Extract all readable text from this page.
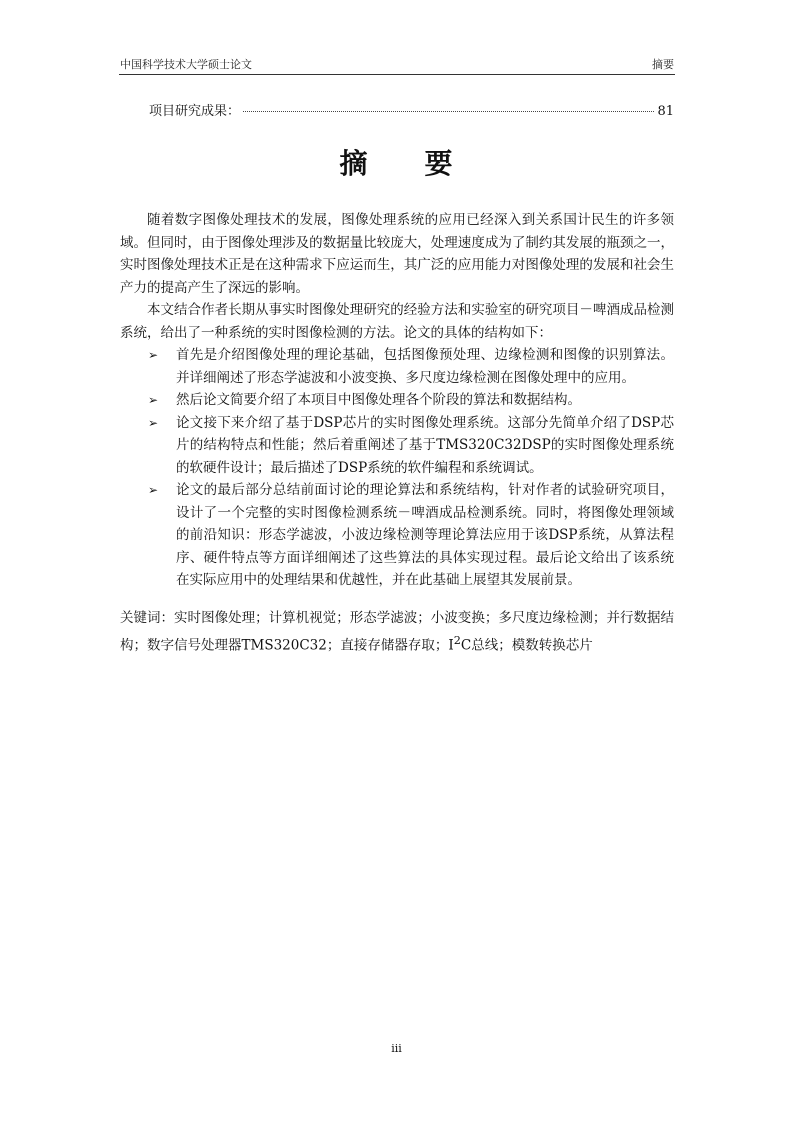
中国科学技术大学硕士论文	摘要
项目研究成果：	81
摘 要

随着数字图像处理技术的发展，图像处理系统的应用已经深入到关系国计民生的许多领域。但同时，由于图像处理涉及的数据量比较庞大，处理速度成为了制约其发展的瓶颈之一，实时图像处理技术正是在这种需求下应运而生，其广泛的应用能力对图像处理的发展和社会生产力的提高产生了深远的影响。

本文结合作者长期从事实时图像处理研究的经验方法和实验室的研究项目－啤酒成品检测系统，给出了一种系统的实时图像检测的方法。论文的具体的结构如下：

➢ 首先是介绍图像处理的理论基础，包括图像预处理、边缘检测和图像的识别算法。并详细阐述了形态学滤波和小波变换、多尺度边缘检测在图像处理中的应用。
➢ 然后论文简要介绍了本项目中图像处理各个阶段的算法和数据结构。
➢ 论文接下来介绍了基于DSP芯片的实时图像处理系统。这部分先简单介绍了DSP芯片的结构特点和性能；然后着重阐述了基于TMS320C32DSP的实时图像处理系统的软硬件设计；最后描述了DSP系统的软件编程和系统调试。
➢ 论文的最后部分总结前面讨论的理论算法和系统结构，针对作者的试验研究项目，设计了一个完整的实时图像检测系统－啤酒成品检测系统。同时，将图像处理领域的前沿知识：形态学滤波，小波边缘检测等理论算法应用于该DSP系统，从算法程序、硬件特点等方面详细阐述了这些算法的具体实现过程。最后论文给出了该系统在实际应用中的处理结果和优越性，并在此基础上展望其发展前景。
关键词：实时图像处理；计算机视觉；形态学滤波；小波变换；多尺度边缘检测；并行数据结构；数字信号处理器TMS320C32；直接存储器存取；$I^2C$总线；模数转换芯片
iii
